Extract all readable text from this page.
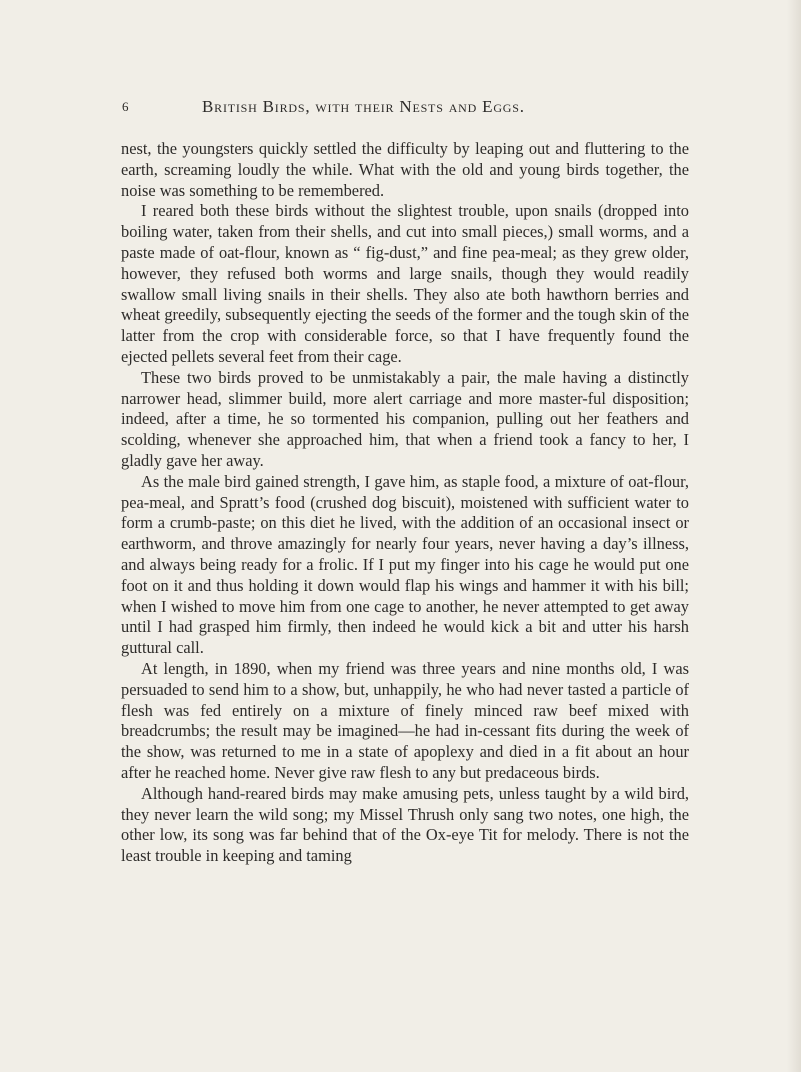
6	British Birds, with their Nests and Eggs.

nest, the youngsters quickly settled the difficulty by leaping out and fluttering to the earth, screaming loudly the while. What with the old and young birds together, the noise was something to be remembered.

I reared both these birds without the slightest trouble, upon snails (dropped into boiling water, taken from their shells, and cut into small pieces,) small worms, and a paste made of oat-flour, known as “ fig-dust,” and fine pea-meal; as they grew older, however, they refused both worms and large snails, though they would readily swallow small living snails in their shells. They also ate both hawthorn berries and wheat greedily, subsequently ejecting the seeds of the former and the tough skin of the latter from the crop with considerable force, so that I have frequently found the ejected pellets several feet from their cage.

These two birds proved to be unmistakably a pair, the male having a distinctly narrower head, slimmer build, more alert carriage and more master-ful disposition; indeed, after a time, he so tormented his companion, pulling out her feathers and scolding, whenever she approached him, that when a friend took a fancy to her, I gladly gave her away.

As the male bird gained strength, I gave him, as staple food, a mixture of oat-flour, pea-meal, and Spratt’s food (crushed dog biscuit), moistened with sufficient water to form a crumb-paste; on this diet he lived, with the addition of an occasional insect or earthworm, and throve amazingly for nearly four years, never having a day’s illness, and always being ready for a frolic. If I put my finger into his cage he would put one foot on it and thus holding it down would flap his wings and hammer it with his bill; when I wished to move him from one cage to another, he never attempted to get away until I had grasped him firmly, then indeed he would kick a bit and utter his harsh guttural call.

At length, in 1890, when my friend was three years and nine months old, I was persuaded to send him to a show, but, unhappily, he who had never tasted a particle of flesh was fed entirely on a mixture of finely minced raw beef mixed with breadcrumbs; the result may be imagined—he had in-cessant fits during the week of the show, was returned to me in a state of apoplexy and died in a fit about an hour after he reached home. Never give raw flesh to any but predaceous birds.

Although hand-reared birds may make amusing pets, unless taught by a wild bird, they never learn the wild song; my Missel Thrush only sang two notes, one high, the other low, its song was far behind that of the Ox-eye Tit for melody. There is not the least trouble in keeping and taming
